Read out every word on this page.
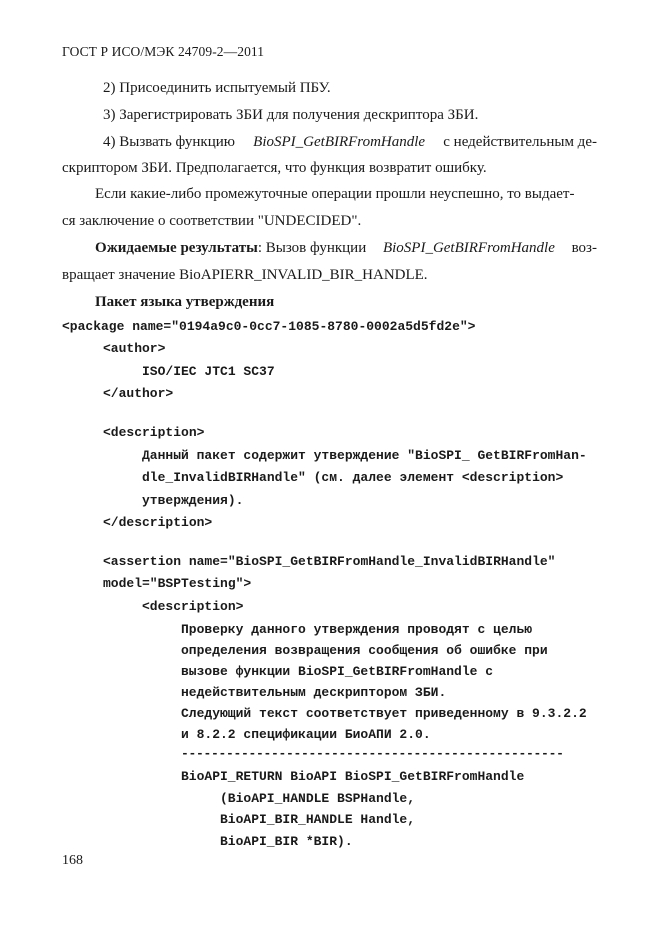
ГОСТ Р ИСО/МЭК 24709-2—2011
2) Присоединить испытуемый ПБУ.
3) Зарегистрировать ЗБИ для получения дескриптора ЗБИ.
4) Вызвать функцию BioSPI_GetBIRFromHandle с недействительным де-
скриптором ЗБИ. Предполагается, что функция возвратит ошибку.
Если какие-либо промежуточные операции прошли неуспешно, то выдает-
ся заключение о соответствии "UNDECIDED".
Ожидаемые результаты: Вызов функции BioSPI_GetBIRFromHandle воз-
вращает значение BioAPIERR_INVALID_BIR_HANDLE.
Пакет языка утверждения
<package name="0194a9c0-0cc7-1085-8780-0002a5d5fd2e">
<author>
ISO/IEC JTC1 SC37
</author>
<description>
Данный пакет содержит утверждение "BioSPI_ GetBIRFromHan-
dle_InvalidBIRHandle" (см. далее элемент <description>
утверждения).
</description>
<assertion name="BioSPI_GetBIRFromHandle_InvalidBIRHandle"
model="BSPTesting">
<description>
Проверку данного утверждения проводят с целью
определения возвращения сообщения об ошибке при
вызове функции BioSPI_GetBIRFromHandle с
недействительным дескриптором ЗБИ.
Следующий текст соответствует приведенному в 9.3.2.2
и 8.2.2 спецификации БиоАПИ 2.0.
---------------------------------------------------
BioAPI_RETURN BioAPI BioSPI_GetBIRFromHandle
(BioAPI_HANDLE BSPHandle,
BioAPI_BIR_HANDLE Handle,
BioAPI_BIR *BIR).
168
